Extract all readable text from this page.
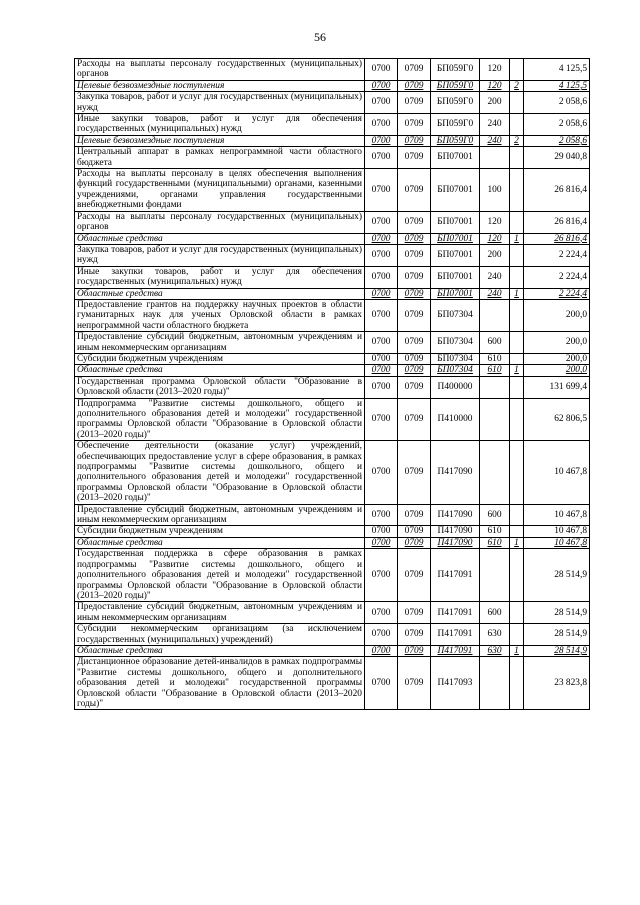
56
Расходы на выплаты персоналу государственных (муниципальных) органов	0700	0709	БП059Г0	120		4 125,5
Целевые безвозмездные поступления	0700	0709	БП059Г0	120	2	4 125,5
Закупка товаров, работ и услуг для государственных (муниципальных) нужд	0700	0709	БП059Г0	200		2 058,6
Иные закупки товаров, работ и услуг для обеспечения государственных (муниципальных) нужд	0700	0709	БП059Г0	240		2 058,6
Целевые безвозмездные поступления	0700	0709	БП059Г0	240	2	2 058,6
Центральный аппарат в рамках непрограммной части областного бюджета	0700	0709	БП07001			29 040,8
Расходы на выплаты персоналу в целях обеспечения выполнения функций государственными (муниципальными) органами, казенными учреждениями, органами управления государственными внебюджетными фондами	0700	0709	БП07001	100		26 816,4
Расходы на выплаты персоналу государственных (муниципальных) органов	0700	0709	БП07001	120		26 816,4
Областные средства	0700	0709	БП07001	120	1	26 816,4
Закупка товаров, работ и услуг для государственных (муниципальных) нужд	0700	0709	БП07001	200		2 224,4
Иные закупки товаров, работ и услуг для обеспечения государственных (муниципальных) нужд	0700	0709	БП07001	240		2 224,4
Областные средства	0700	0709	БП07001	240	1	2 224,4
Предоставление грантов на поддержку научных проектов в области гуманитарных наук для ученых Орловской области в рамках непрограммной части областного бюджета	0700	0709	БП07304			200,0
Предоставление субсидий бюджетным, автономным учреждениям и иным некоммерческим организациям	0700	0709	БП07304	600		200,0
Субсидии бюджетным учреждениям	0700	0709	БП07304	610		200,0
Областные средства	0700	0709	БП07304	610	1	200,0
Государственная программа Орловской области "Образование в Орловской области (2013–2020 годы)"	0700	0709	П400000			131 699,4
Подпрограмма "Развитие системы дошкольного, общего и дополнительного образования детей и молодежи" государственной программы Орловской области "Образование в Орловской области (2013–2020 годы)"	0700	0709	П410000			62 806,5
Обеспечение деятельности (оказание услуг) учреждений, обеспечивающих предоставление услуг в сфере образования, в рамках подпрограммы "Развитие системы дошкольного, общего и дополнительного образования детей и молодежи" государственной программы Орловской области "Образование в Орловской области (2013–2020 годы)"	0700	0709	П417090			10 467,8
Предоставление субсидий бюджетным, автономным учреждениям и иным некоммерческим организациям	0700	0709	П417090	600		10 467,8
Субсидии бюджетным учреждениям	0700	0709	П417090	610		10 467,8
Областные средства	0700	0709	П417090	610	1	10 467,8
Государственная поддержка в сфере образования в рамках подпрограммы "Развитие системы дошкольного, общего и дополнительного образования детей и молодежи" государственной программы Орловской области "Образование в Орловской области (2013–2020 годы)"	0700	0709	П417091			28 514,9
Предоставление субсидий бюджетным, автономным учреждениям и иным некоммерческим организациям	0700	0709	П417091	600		28 514,9
Субсидии некоммерческим организациям (за исключением государственных (муниципальных) учреждений)	0700	0709	П417091	630		28 514,9
Областные средства	0700	0709	П417091	630	1	28 514,9
Дистанционное образование детей-инвалидов в рамках подпрограммы "Развитие системы дошкольного, общего и дополнительного образования детей и молодежи" государственной программы Орловской области "Образование в Орловской области (2013–2020 годы)"	0700	0709	П417093			23 823,8
